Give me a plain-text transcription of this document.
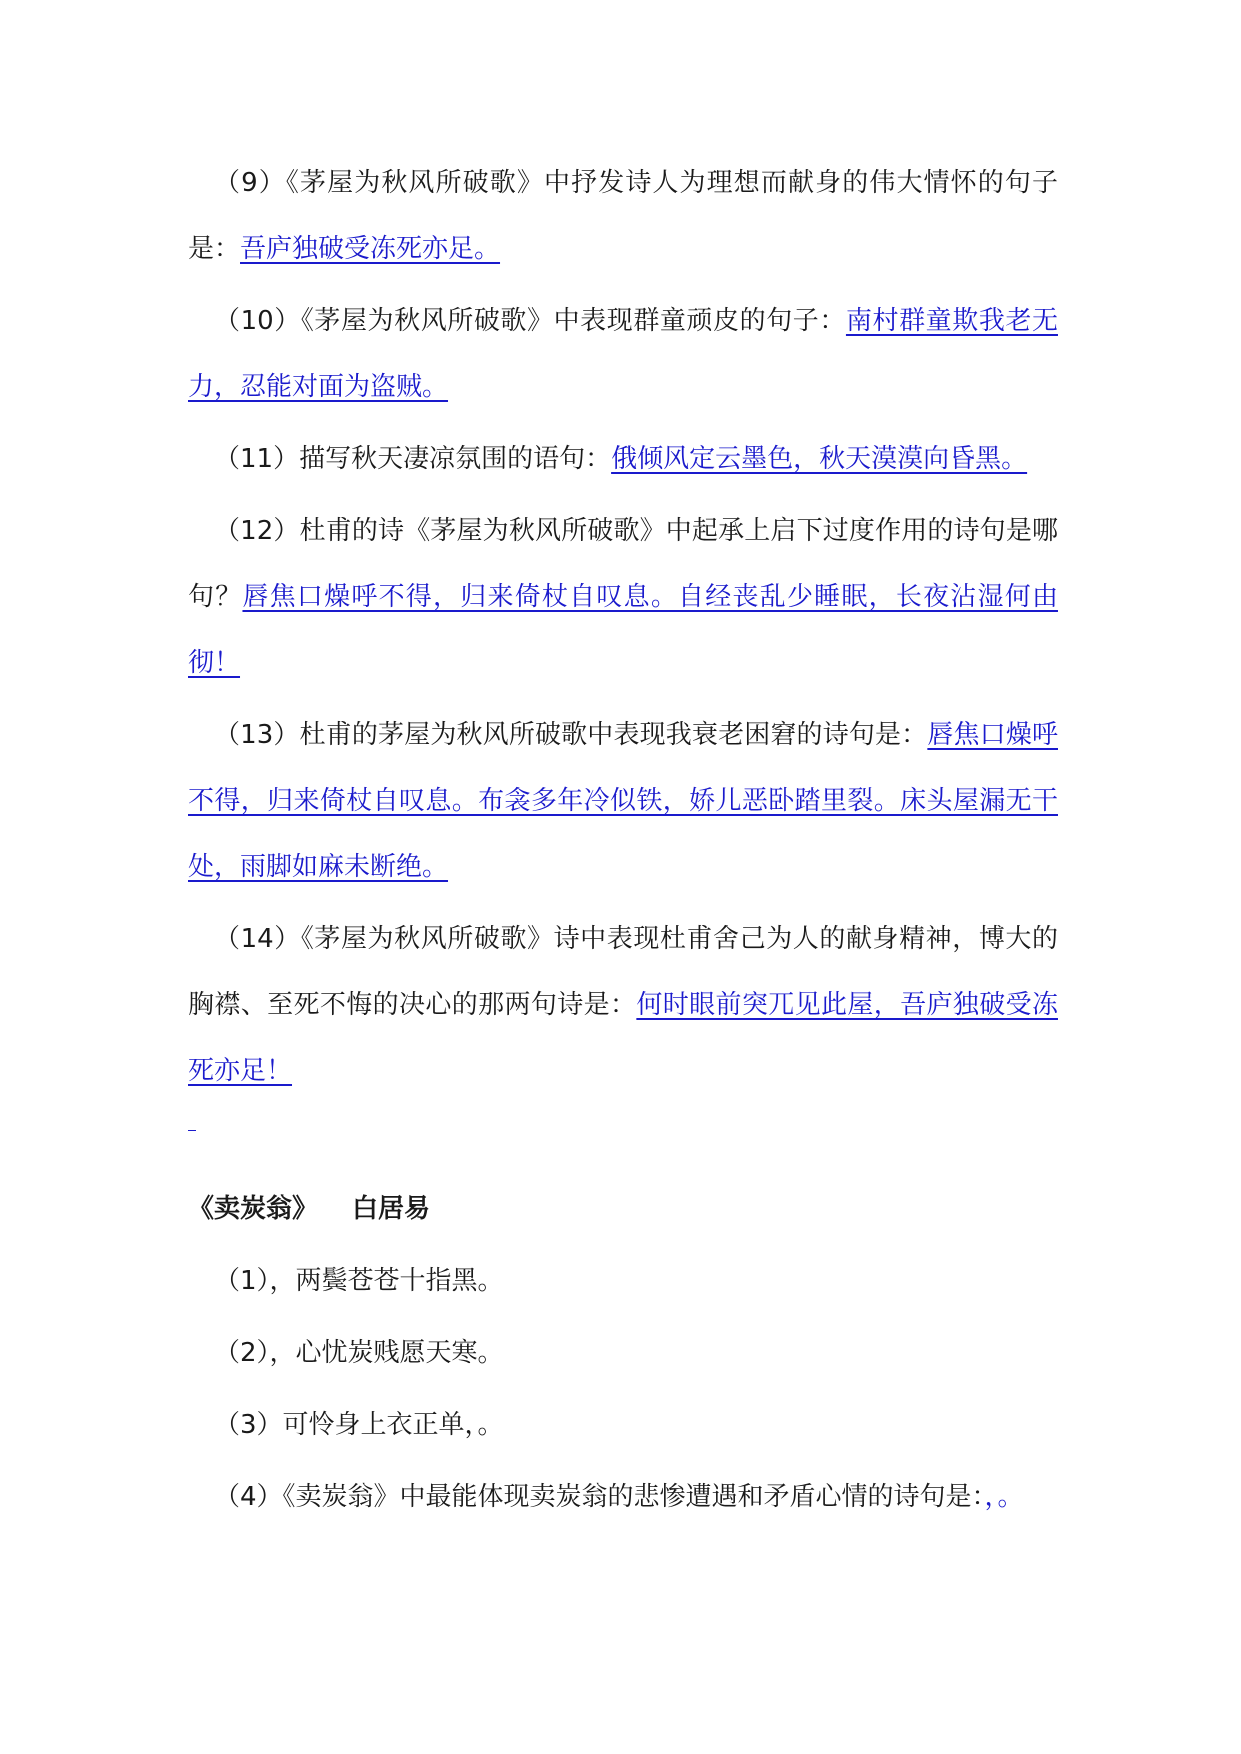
（9）《茅屋为秋风所破歌》中抒发诗人为理想而献身的伟大情怀的句子是：吾庐独破受冻死亦足。

（10）《茅屋为秋风所破歌》中表现群童顽皮的句子：南村群童欺我老无力，忍能对面为盗贼。

（11）描写秋天凄凉氛围的语句：俄倾风定云墨色，秋天漠漠向昏黑。

（12）杜甫的诗《茅屋为秋风所破歌》中起承上启下过度作用的诗句是哪句？唇焦口燥呼不得，归来倚杖自叹息。自经丧乱少睡眠，长夜沾湿何由彻！

（13）杜甫的茅屋为秋风所破歌中表现我衰老困窘的诗句是：唇焦口燥呼不得，归来倚杖自叹息。布衾多年冷似铁，娇儿恶卧踏里裂。床头屋漏无干处，雨脚如麻未断绝。

（14）《茅屋为秋风所破歌》诗中表现杜甫舍己为人的献身精神，博大的胸襟、至死不悔的决心的那两句诗是：何时眼前突兀见此屋，吾庐独破受冻死亦足！

《卖炭翁》 白居易

（1），两鬓苍苍十指黑。

（2），心忧炭贱愿天寒。

（3）可怜身上衣正单，。

（4）《卖炭翁》中最能体现卖炭翁的悲惨遭遇和矛盾心情的诗句是：，。
